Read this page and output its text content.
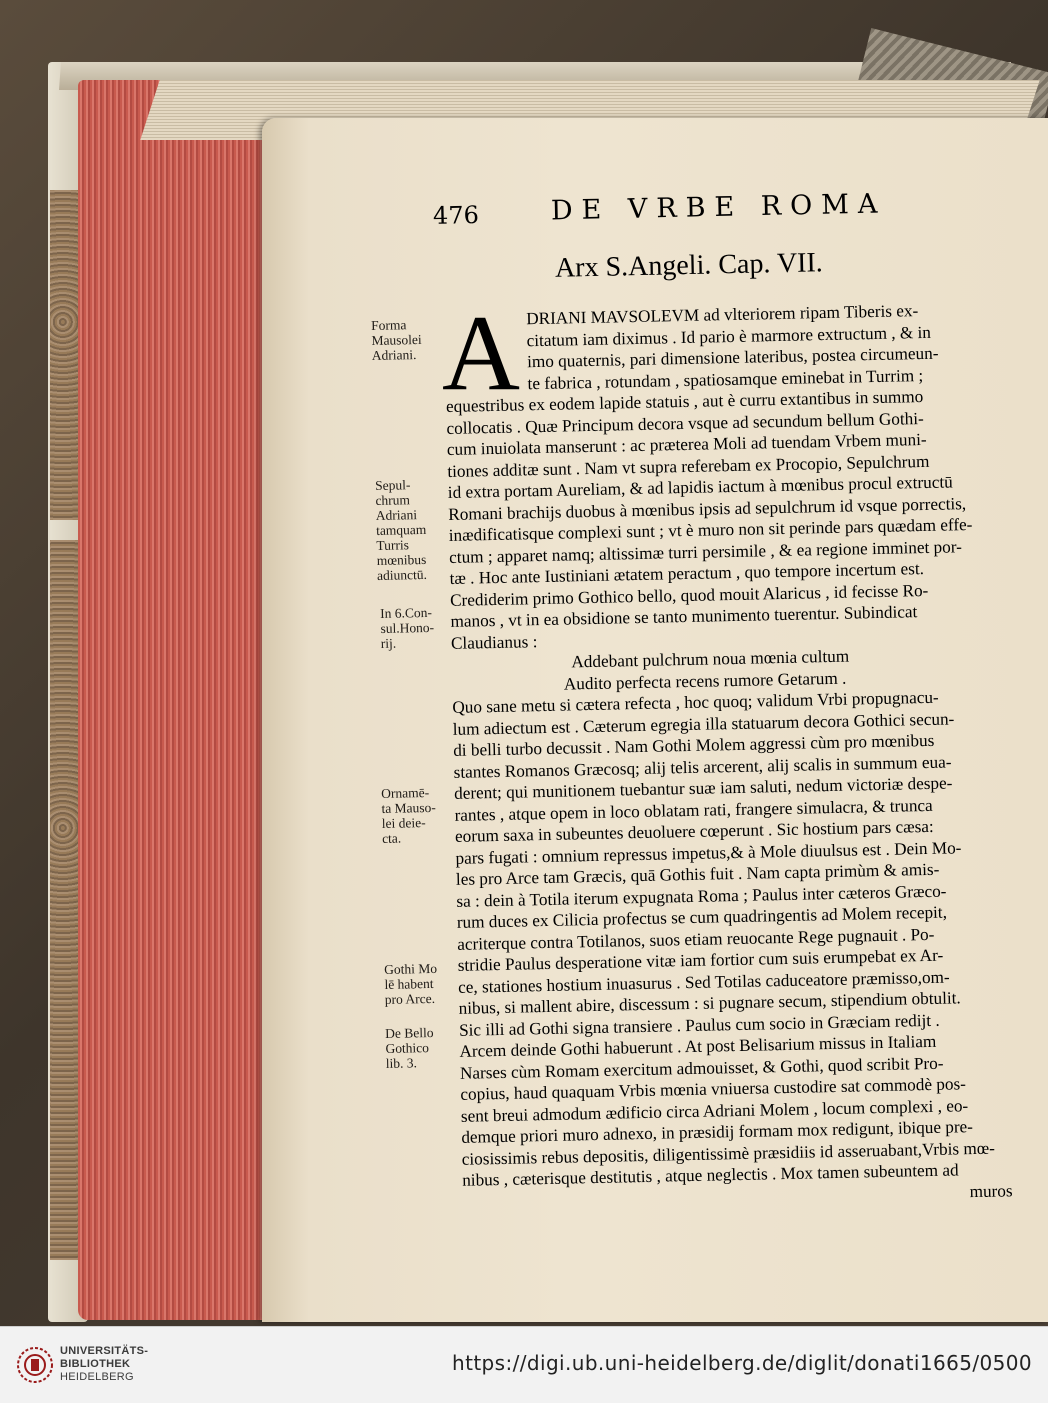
476	DE VRBE ROMA
Arx S.Angeli. Cap. VII.
A DRIANI MAVSOLEVM ad vlteriorem ripam Tiberis ex-
citatum iam diximus . Id pario è marmore extructum , & in
imo quaternis, pari dimensione lateribus, postea circumeun-
te fabrica , rotundam , spatiosamque eminebat in Turrim ;
equestribus ex eodem lapide statuis , aut è curru extantibus in summo
collocatis . Quæ Principum decora vsque ad secundum bellum Gothi-
cum inuiolata manserunt : ac præterea Moli ad tuendam Vrbem muni-
tiones additæ sunt . Nam vt supra referebam ex Procopio, Sepulchrum
id extra portam Aureliam, & ad lapidis iactum à mœnibus procul extructū
Romani brachijs duobus à mœnibus ipsis ad sepulchrum id vsque porrectis,
inædificatisque complexi sunt ; vt è muro non sit perinde pars quædam effe-
ctum ; apparet namq; altissimæ turri persimile , & ea regione imminet por-
tæ . Hoc ante Iustiniani ætatem peractum , quo tempore incertum est.
Crediderim primo Gothico bello, quod mouit Alaricus , id fecisse Ro-
manos , vt in ea obsidione se tanto munimento tuerentur. Subindicat
Claudianus :
Addebant pulchrum noua mœnia cultum
Audito perfecta recens rumore Getarum .
Quo sane metu si cætera refecta , hoc quoq; validum Vrbi propugnacu-
lum adiectum est . Cæterum egregia illa statuarum decora Gothici secun-
di belli turbo decussit . Nam Gothi Molem aggressi cùm pro mœnibus
stantes Romanos Græcosq; alij telis arcerent, alij scalis in summum eua-
derent; qui munitionem tuebantur suæ iam saluti, nedum victoriæ despe-
rantes , atque opem in loco oblatam rati, frangere simulacra, & trunca
eorum saxa in subeuntes deuoluere cœperunt . Sic hostium pars cæsa:
pars fugati : omnium repressus impetus,& à Mole diuulsus est . Dein Mo-
les pro Arce tam Græcis, quā Gothis fuit . Nam capta primùm & amis-
sa : dein à Totila iterum expugnata Roma ; Paulus inter cæteros Græco-
rum duces ex Cilicia profectus se cum quadringentis ad Molem recepit,
acriterque contra Totilanos, suos etiam reuocante Rege pugnauit . Po-
stridie Paulus desperatione vitæ iam fortior cum suis erumpebat ex Ar-
ce, stationes hostium inuasurus . Sed Totilas caduceatore præmisso,om-
nibus, si mallent abire, discessum : si pugnare secum, stipendium obtulit.
Sic illi ad Gothi signa transiere . Paulus cum socio in Græciam redijt .
Arcem deinde Gothi habuerunt . At post Belisarium missus in Italiam
Narses cùm Romam exercitum admouisset, & Gothi, quod scribit Pro-
copius, haud quaquam Vrbis mœnia vniuersa custodire sat commodè pos-
sent breui admodum ædificio circa Adriani Molem , locum complexi , eo-
demque priori muro adnexo, in præsidij formam mox redigunt, ibique pre-
ciosissimis rebus depositis, diligentissimè præsidiis id asseruabant,Vrbis mœ-
nibus , cæterisque destitutis , atque neglectis . Mox tamen subeuntem ad
muros
Forma
Mausolei
Adriani.
Sepul-
chrum
Adriani
tamquam
Turris
mœnibus
adiunctū.
In 6.Con-
sul.Hono-
rij.
Ornamē-
ta Mauso-
lei deie-
cta.
Gothi Mo
lē habent
pro Arce.
De Bello
Gothico
lib. 3.
UNIVERSITÄTS-
BIBLIOTHEK
HEIDELBERG
https://digi.ub.uni-heidelberg.de/diglit/donati1665/0500
